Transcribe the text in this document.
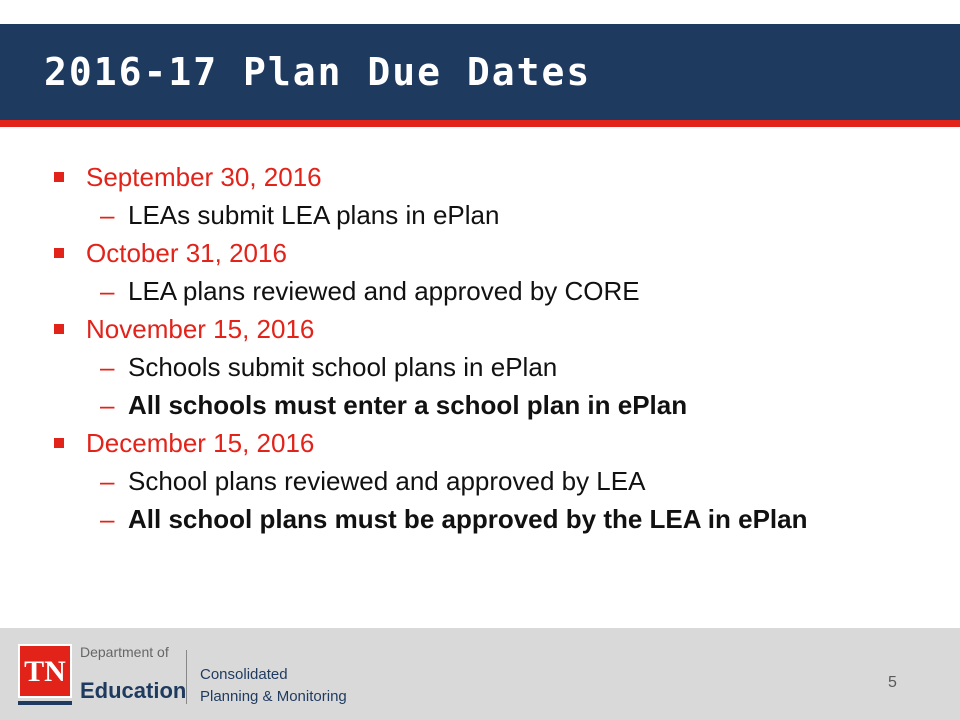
2016-17 Plan Due Dates
September 30, 2016
– LEAs submit LEA plans in ePlan
October 31, 2016
– LEA plans reviewed and approved by CORE
November 15, 2016
– Schools submit school plans in ePlan
– All schools must enter a school plan in ePlan
December 15, 2016
– School plans reviewed and approved by LEA
– All school plans must be approved by the LEA in ePlan
TN
Department of
Education
Consolidated
Planning & Monitoring
5
